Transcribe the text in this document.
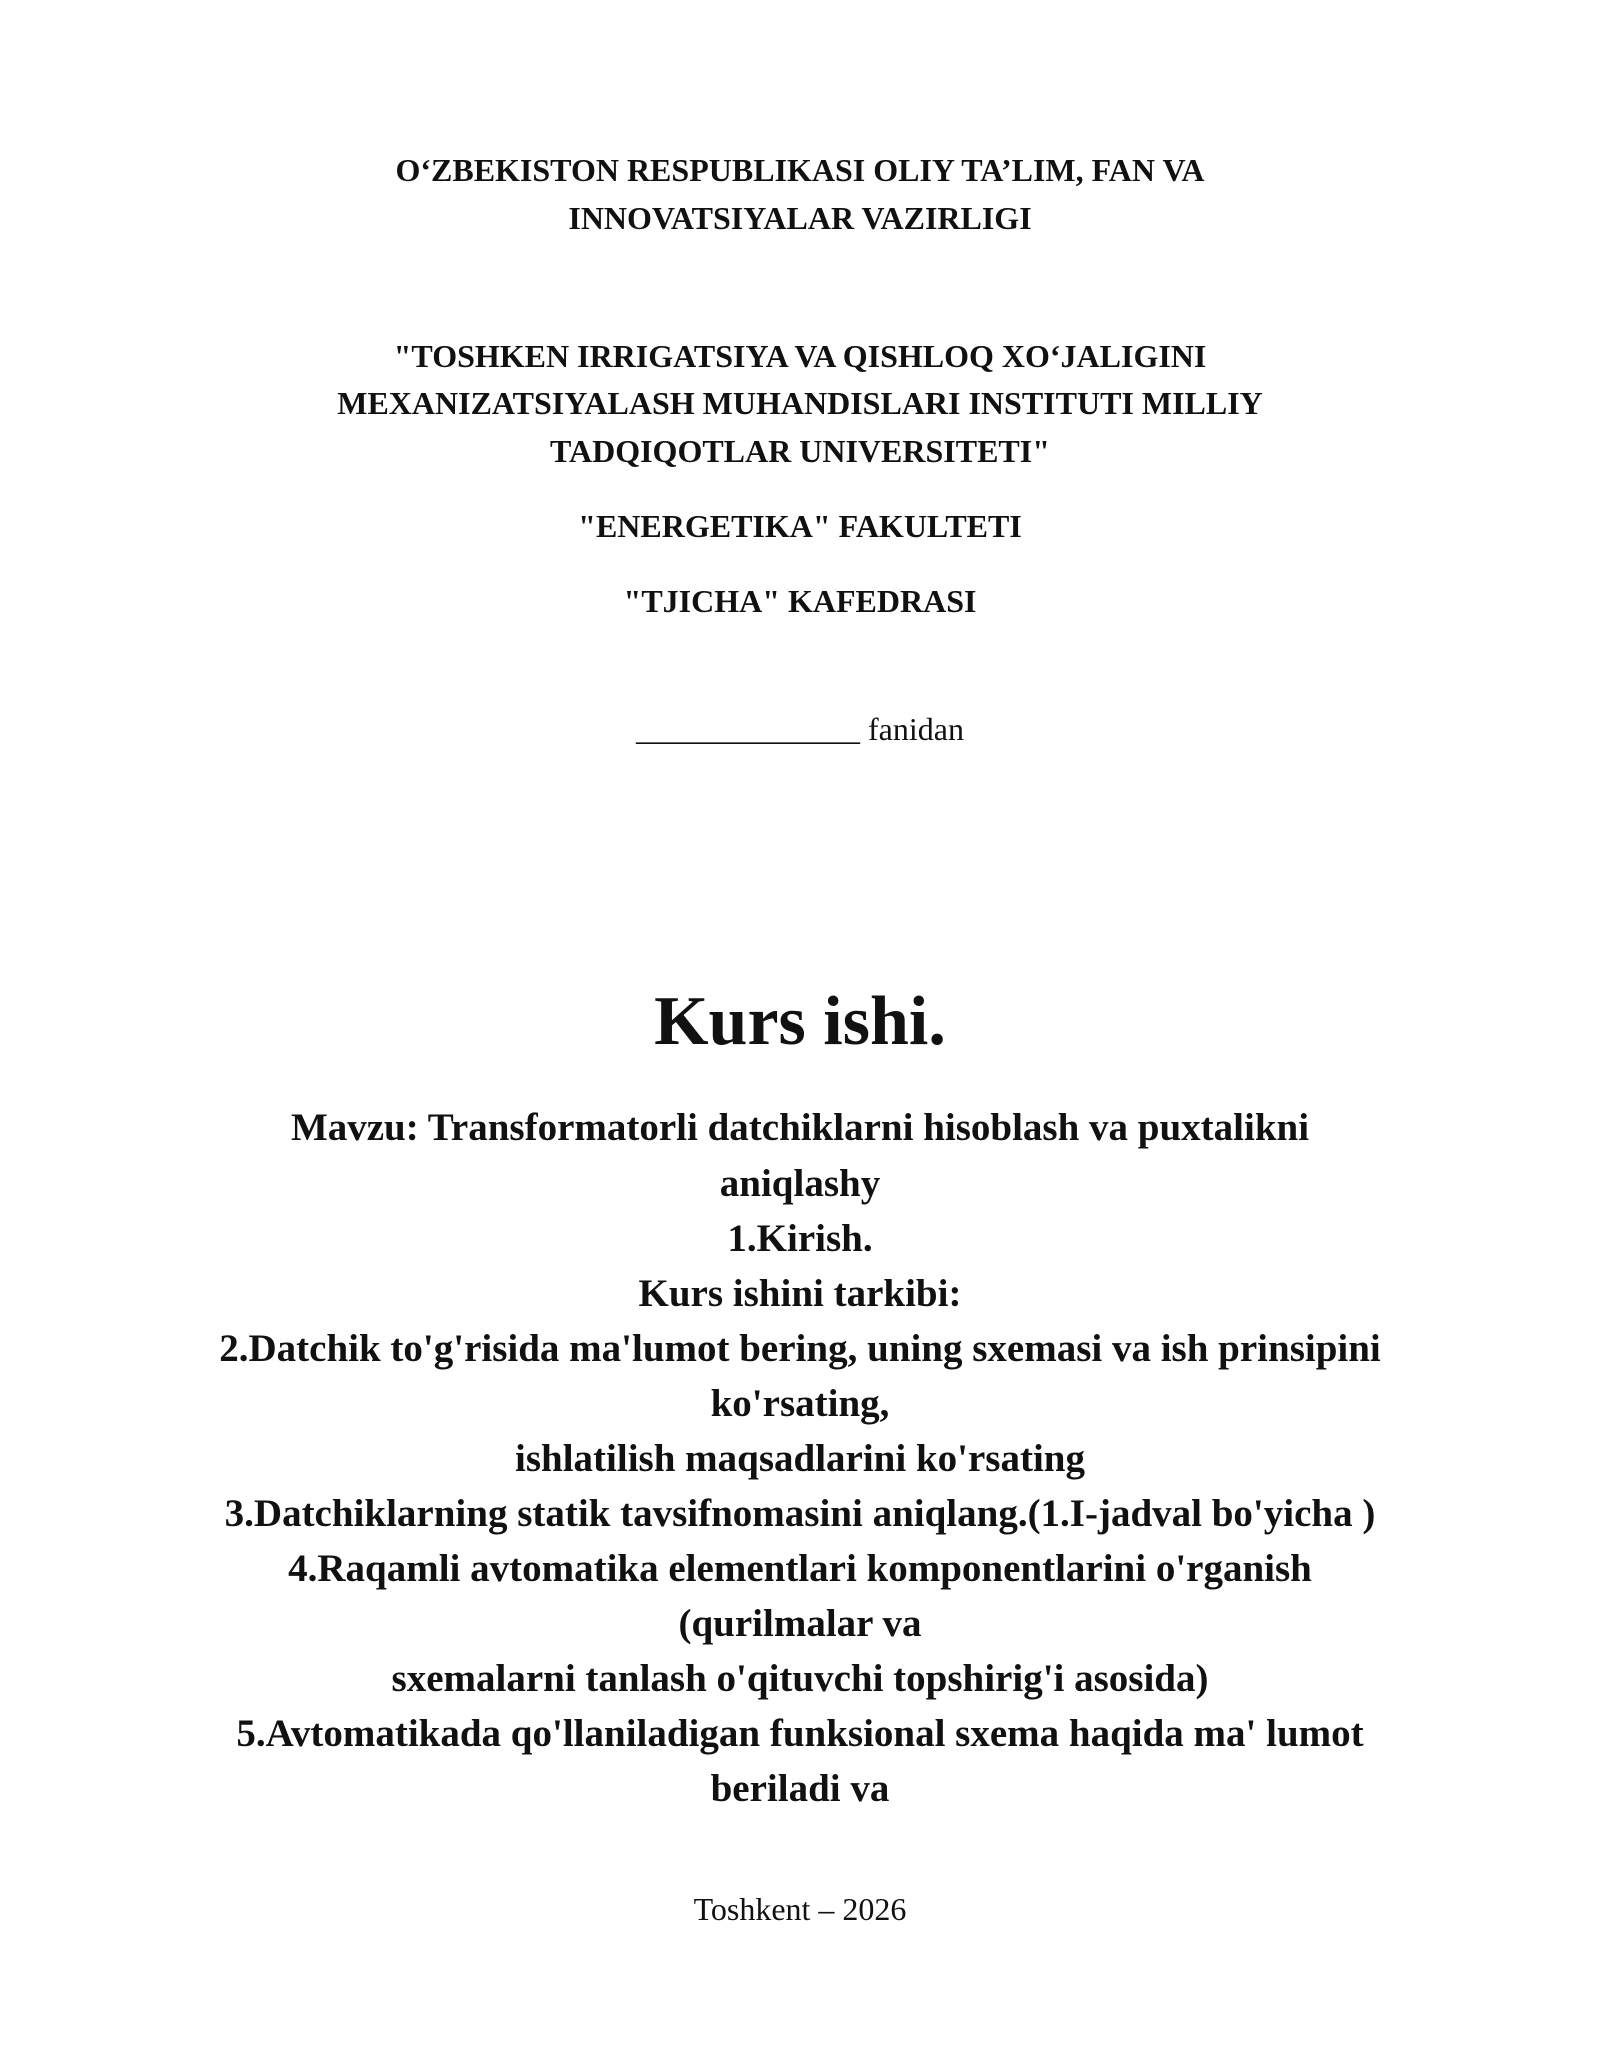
O‘ZBEKISTON RESPUBLIKASI OLIY TA’LIM, FAN VA
INNOVATSIYALAR VAZIRLIGI
"TOSHKEN IRRIGATSIYA VA QISHLOQ XO‘JALIGINI
MEXANIZATSIYALASH MUHANDISLARI INSTITUTI MILLIY
TADQIQOTLAR UNIVERSITETI"
"ENERGETIKA" FAKULTETI
"TJICHA" KAFEDRASI
______________ fanidan
Kurs ishi.
Mavzu: Transformatorli datchiklarni hisoblash va puxtalikni
aniqlashy
1.Kirish.
Kurs ishini tarkibi:
2.Datchik to'g'risida ma'lumot bering, uning sxemasi va ish prinsipini
ko'rsating,
ishlatilish maqsadlarini ko'rsating
3.Datchiklarning statik tavsifnomasini aniqlang.(1.I-jadval bo'yicha )
4.Raqamli avtomatika elementlari komponentlarini o'rganish
(qurilmalar va
sxemalarni tanlash o'qituvchi topshirig'i asosida)
5.Avtomatikada qo'llaniladigan funksional sxema haqida ma' lumot
beriladi va
Toshkent – 2026
